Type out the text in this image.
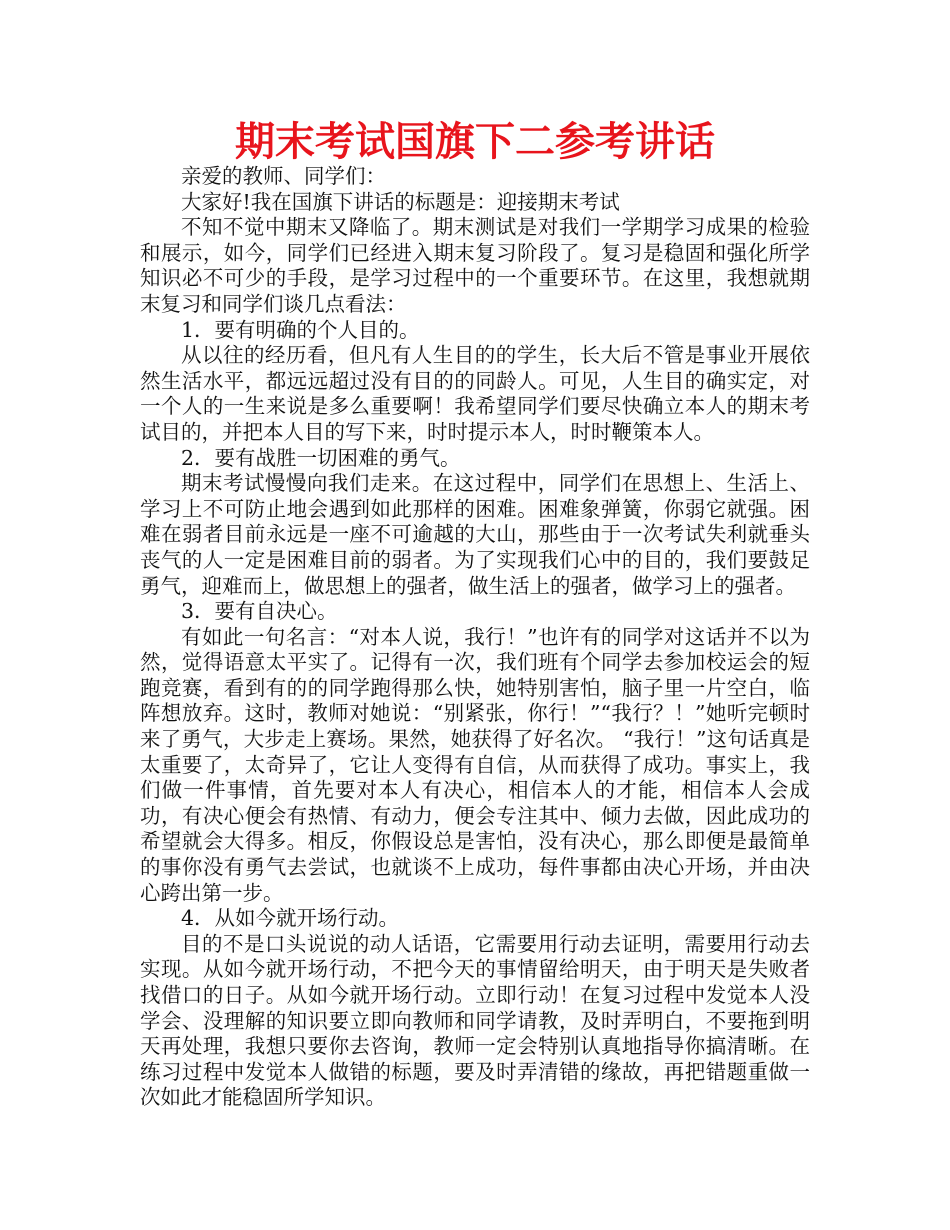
期末考试国旗下二参考讲话

亲爱的教师、同学们：

大家好!我在国旗下讲话的标题是：迎接期末考试

不知不觉中期末又降临了。期末测试是对我们一学期学习成果的检验和展示，如今，同学们已经进入期末复习阶段了。复习是稳固和强化所学知识必不可少的手段，是学习过程中的一个重要环节。在这里，我想就期末复习和同学们谈几点看法：

1．要有明确的个人目的。

从以往的经历看，但凡有人生目的的学生，长大后不管是事业开展依然生活水平，都远远超过没有目的的同龄人。可见，人生目的确实定，对一个人的一生来说是多么重要啊！我希望同学们要尽快确立本人的期末考试目的，并把本人目的写下来，时时提示本人，时时鞭策本人。

2．要有战胜一切困难的勇气。

期末考试慢慢向我们走来。在这过程中，同学们在思想上、生活上、学习上不可防止地会遇到如此那样的困难。困难象弹簧，你弱它就强。困难在弱者目前永远是一座不可逾越的大山，那些由于一次考试失利就垂头丧气的人一定是困难目前的弱者。为了实现我们心中的目的，我们要鼓足勇气，迎难而上，做思想上的强者，做生活上的强者，做学习上的强者。

3．要有自决心。

有如此一句名言：“对本人说，我行！”也许有的同学对这话并不以为然，觉得语意太平实了。记得有一次，我们班有个同学去参加校运会的短跑竞赛，看到有的的同学跑得那么快，她特别害怕，脑子里一片空白，临阵想放弃。这时，教师对她说：“别紧张，你行！”“我行？！”她听完顿时来了勇气，大步走上赛场。果然，她获得了好名次。 “我行！”这句话真是太重要了，太奇异了，它让人变得有自信，从而获得了成功。事实上，我们做一件事情，首先要对本人有决心，相信本人的才能，相信本人会成功，有决心便会有热情、有动力，便会专注其中、倾力去做，因此成功的希望就会大得多。相反，你假设总是害怕，没有决心，那么即便是最简单的事你没有勇气去尝试，也就谈不上成功，每件事都由决心开场，并由决心跨出第一步。

4．从如今就开场行动。

目的不是口头说说的动人话语，它需要用行动去证明，需要用行动去实现。从如今就开场行动，不把今天的事情留给明天，由于明天是失败者找借口的日子。从如今就开场行动。立即行动！在复习过程中发觉本人没学会、没理解的知识要立即向教师和同学请教，及时弄明白，不要拖到明天再处理，我想只要你去咨询，教师一定会特别认真地指导你搞清晰。在练习过程中发觉本人做错的标题，要及时弄清错的缘故，再把错题重做一次如此才能稳固所学知识。
